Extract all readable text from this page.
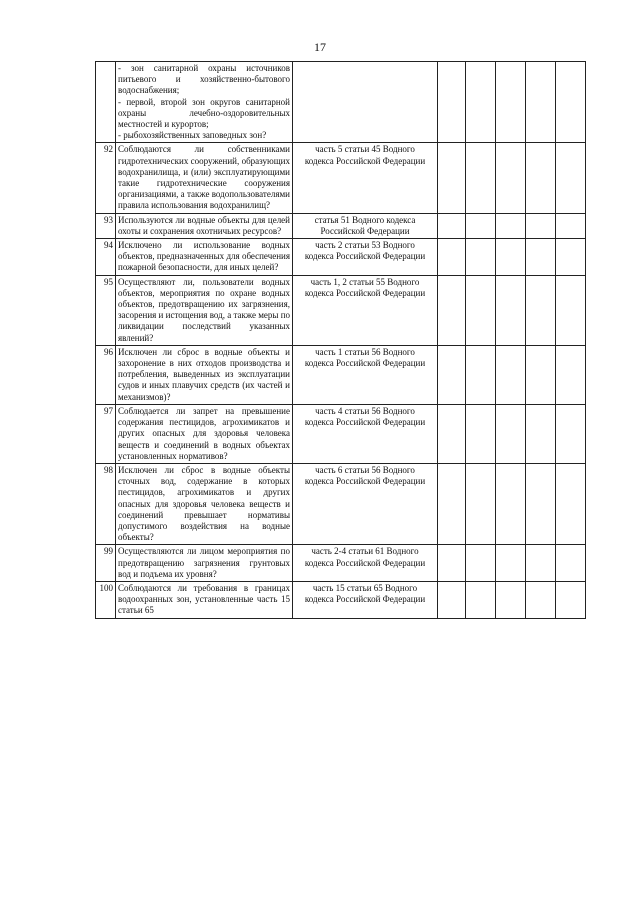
17

	- зон санитарной охраны источников питьевого и хозяйственно-бытового водоснабжения;
- первой, второй зон округов санитарной охраны лечебно-оздоровительных местностей и курортов;
- рыбохозяйственных заповедных зон?						

92	Соблюдаются ли собственниками гидротехнических сооружений, образующих водохранилища, и (или) эксплуатирующими такие гидротехнические сооружения организациями, а также водопользователями правила использования водохранилищ?	часть 5 статьи 45 Водного
кодекса Российской Федерации					
93	Используются ли водные объекты для целей охоты и сохранения охотничьих ресурсов?	статья 51 Водного кодекса
Российской Федерации					
94	Исключено ли использование водных объектов, предназначенных для обеспечения пожарной безопасности, для иных целей?	часть 2 статьи 53 Водного
кодекса Российской Федерации					
95	Осуществляют ли, пользователи водных объектов, мероприятия по охране водных объектов, предотвращению их загрязнения, засорения и истощения вод, а также меры по ликвидации последствий указанных явлений?	часть 1, 2 статьи 55 Водного
кодекса Российской Федерации					
96	Исключен ли сброс в водные объекты и захоронение в них отходов производства и потребления, выведенных из эксплуатации судов и иных плавучих средств (их частей и механизмов)?	часть 1 статьи 56 Водного
кодекса Российской Федерации					
97	Соблюдается ли запрет на превышение содержания пестицидов, агрохимикатов и других опасных для здоровья человека веществ и соединений в водных объектах установленных нормативов?	часть 4 статьи 56 Водного
кодекса Российской Федерации					
98	Исключен ли сброс в водные объекты сточных вод, содержание в которых пестицидов, агрохимикатов и других опасных для здоровья человека веществ и соединений превышает нормативы допустимого воздействия на водные объекты?	часть 6 статьи 56 Водного
кодекса Российской Федерации					
99	Осуществляются ли лицом мероприятия по предотвращению загрязнения грунтовых вод и подъема их уровня?	часть 2-4 статьи 61 Водного
кодекса Российской Федерации					
100	Соблюдаются ли требования в границах водоохранных зон, установленные часть 15 статьи 65	часть 15 статьи 65 Водного
кодекса Российской Федерации					
